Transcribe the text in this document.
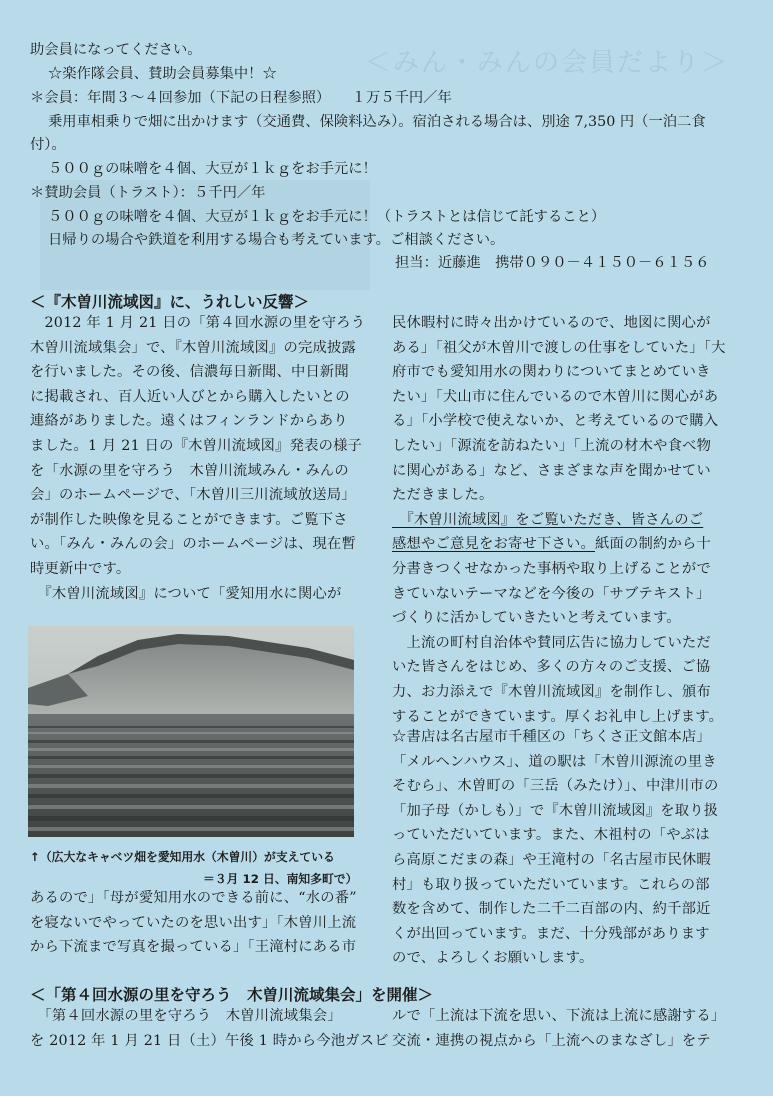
＜みん・みんの会員だより＞
助会員になってください。
☆楽作隊会員、賛助会員募集中！☆
＊会員：年間３～４回参加（下記の日程参照）　　１万５千円／年
乗用車相乗りで畑に出かけます（交通費、保険料込み）。宿泊される場合は、別途 7,350 円（一泊二食
付）。
５００ｇの味噌を４個、大豆が１ｋｇをお手元に！
＊賛助会員（トラスト）：５千円／年
５００ｇの味噌を４個、大豆が１ｋｇをお手元に！（トラストとは信じて託すること）
日帰りの場合や鉄道を利用する場合も考えています。ご相談ください。
担当：近藤進　携帯０９０－４１５０－６１５６
＜『木曽川流域図』に、うれしい反響＞

　2012 年 1 月 21 日の「第４回水源の里を守ろう

木曽川流域集会」で、『木曽川流域図』の完成披露

を行いました。その後、信濃毎日新聞、中日新聞

に掲載され、百人近い人びとから購入したいとの

連絡がありました。遠くはフィンランドからあり

ました。1 月 21 日の『木曽川流域図』発表の様子

を「水源の里を守ろう　木曽川流域みん・みんの

会」のホームページで、「木曽川三川流域放送局」

が制作した映像を見ることができます。ご覧下さ

い。「みん・みんの会」のホームページは、現在暫

時更新中です。

　『木曽川流域図』について「愛知用水に関心が

↑（広大なキャベツ畑を愛知用水（木曽川）が支えている
＝３月 12 日、南知多町で）

あるので」「母が愛知用水のできる前に、“水の番”

を寝ないでやっていたのを思い出す」「木曽川上流

から下流まで写真を撮っている」「王滝村にある市

民休暇村に時々出かけているので、地図に関心が

ある」「祖父が木曽川で渡しの仕事をしていた」「大

府市でも愛知用水の関わりについてまとめていき

たい」「犬山市に住んでいるので木曽川に関心があ

る」「小学校で使えないか、と考えているので購入

したい」「源流を訪ねたい」「上流の材木や食べ物

に関心がある」など、さまざまな声を聞かせてい

ただきました。

　『木曽川流域図』をご覧いただき、皆さんのご

感想やご意見をお寄せ下さい。紙面の制約から十

分書きつくせなかった事柄や取り上げることがで

きていないテーマなどを今後の「サブテキスト」

づくりに活かしていきたいと考えています。

　上流の町村自治体や賛同広告に協力していただ

いた皆さんをはじめ、多くの方々のご支援、ご協

力、お力添えで『木曽川流域図』を制作し、頒布

することができています。厚くお礼申し上げます。

☆書店は名古屋市千種区の「ちくさ正文館本店」

「メルヘンハウス」、道の駅は「木曽川源流の里き

そむら」、木曽町の「三岳（みたけ）」、中津川市の

「加子母（かしも）」で『木曽川流域図』を取り扱

っていただいています。また、木祖村の「やぶは

ら高原こだまの森」や王滝村の「名古屋市民休暇

村」も取り扱っていただいています。これらの部

数を含めて、制作した二千二百部の内、約千部近

くが出回っています。まだ、十分残部があります

ので、よろしくお願いします。

＜「第４回水源の里を守ろう　木曽川流域集会」を開催＞

　「第４回水源の里を守ろう　木曽川流域集会」

を 2012 年 1 月 21 日（土）午後 1 時から今池ガスビ

ルで「上流は下流を思い、下流は上流に感謝する」

交流・連携の視点から「上流へのまなざし」をテ
